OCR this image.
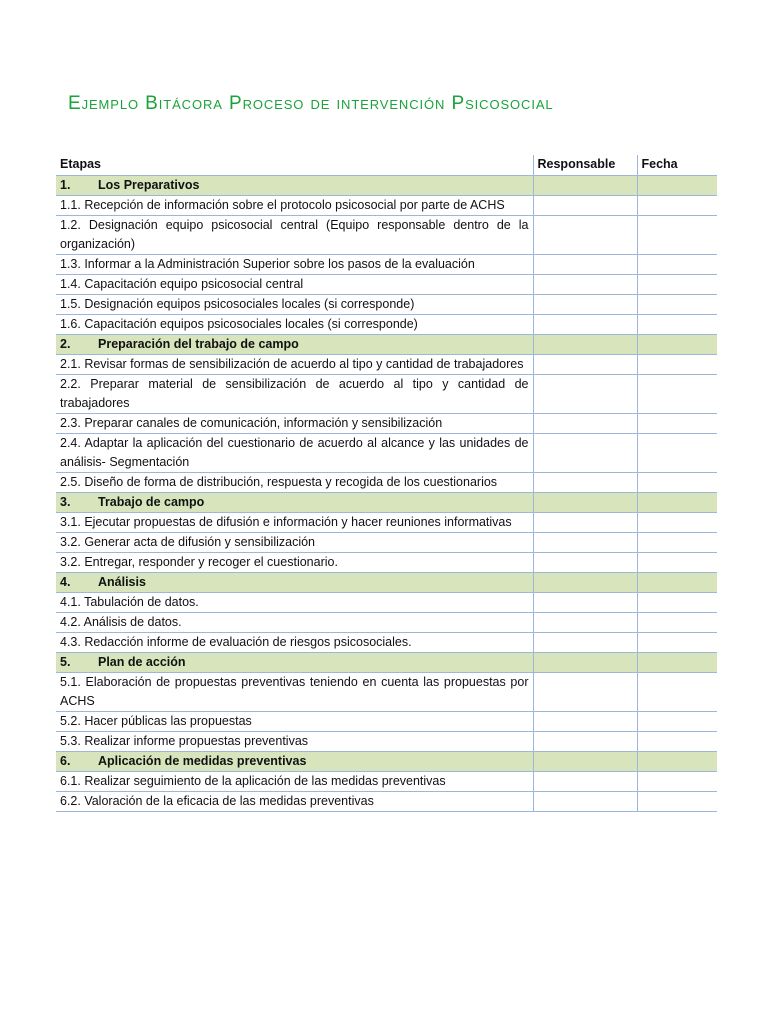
Ejemplo Bitácora Proceso de intervención Psicosocial
Etapas	Responsable	Fecha
1. Los Preparativos		
1.1. Recepción de información sobre el protocolo psicosocial por parte de ACHS		
1.2. Designación equipo psicosocial central (Equipo responsable dentro de la organización)		
1.3. Informar a la Administración Superior sobre los pasos de la evaluación		
1.4. Capacitación equipo psicosocial central		
1.5. Designación equipos psicosociales locales (si corresponde)		
1.6. Capacitación equipos psicosociales locales (si corresponde)		
2. Preparación del trabajo de campo		
2.1. Revisar formas de sensibilización de acuerdo al tipo y cantidad de trabajadores		
2.2. Preparar material de sensibilización de acuerdo al tipo y cantidad de trabajadores		
2.3. Preparar canales de comunicación, información y sensibilización		
2.4. Adaptar la aplicación del cuestionario de acuerdo al alcance y las unidades de análisis- Segmentación		
2.5. Diseño de forma de distribución, respuesta y recogida de los cuestionarios		
3. Trabajo de campo		
3.1. Ejecutar propuestas de difusión e información y hacer reuniones informativas		
3.2. Generar acta de difusión y sensibilización		
3.2. Entregar, responder y recoger el cuestionario.		
4. Análisis		
4.1. Tabulación de datos.		
4.2. Análisis de datos.		
4.3. Redacción informe de evaluación de riesgos psicosociales.		
5. Plan de acción		
5.1. Elaboración de propuestas preventivas teniendo en cuenta las propuestas por ACHS		
5.2. Hacer públicas las propuestas		
5.3. Realizar informe propuestas preventivas		
6. Aplicación de medidas preventivas		
6.1. Realizar seguimiento de la aplicación de las medidas preventivas		
6.2. Valoración de la eficacia de las medidas preventivas		
